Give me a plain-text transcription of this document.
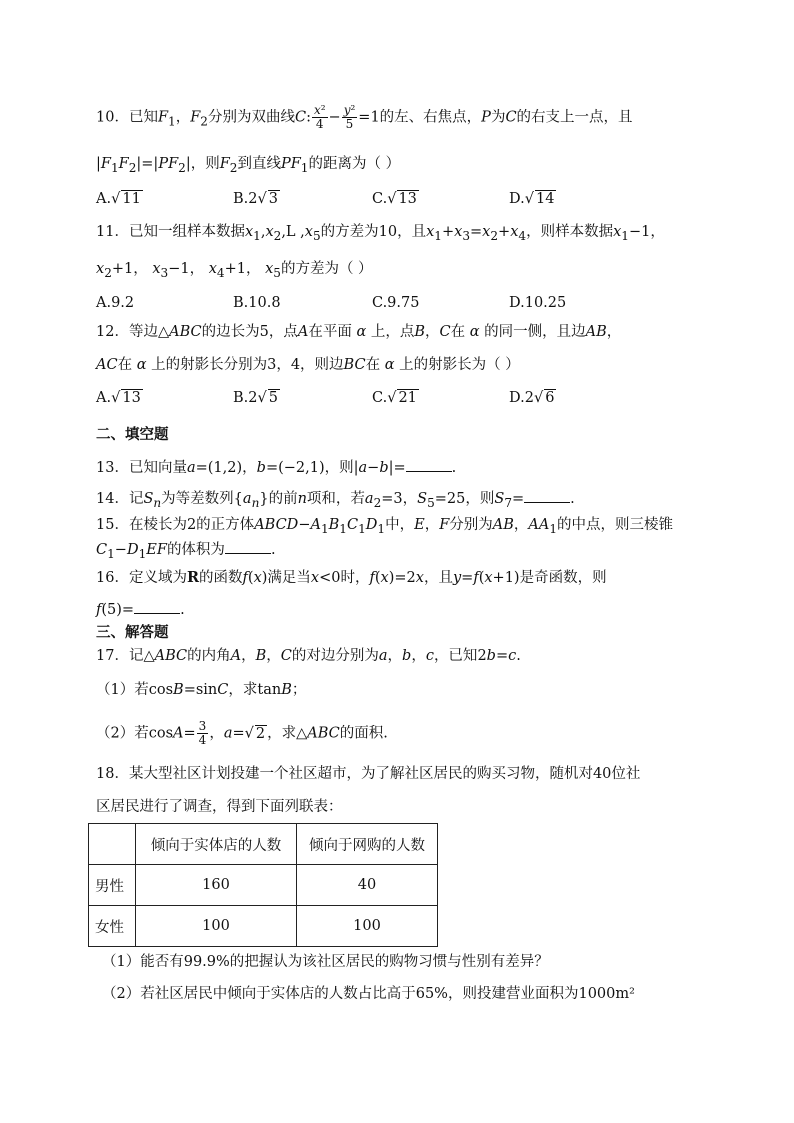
10．已知$F_1$，$F_2$分别为双曲线C: $\frac{\text{x²}}{4} - \frac{\text{y²}}{5} =1$的左、右焦点，P为C的右支上一点，且
$|F_1F_2|=|PF_2|$，则$F_2$到直线$PF_1$的距离为（ ）
A.√ 11	B.2√ 3	C.√ 13	D.√ 14
11．已知一组样本数据$x_1,x_2,L$ $,x_5$的方差为10，且$x_1+x_3=x_2+x_4$，则样本数据$x_1-1$，
$x_2+1$， $x_3-1$， $x_4+1$， $x_5$的方差为（ ）
A.9.2	B.10.8	C.9.75	D.10.25
12．等边△ABC的边长为5，点A在平面 α 上，点B，C在 α 的同一侧，且边AB，
AC在 α 上的射影长分别为3，4，则边BC在 α 上的射影长为（ ）
A.√ 13	B.2√ 5	C.√ 21	D.2√ 6
二、填空题
13．已知向量a=(1,2)，b=(−2,1)，则|a−b|=	.
14．记$S_n$为等差数列$\{a_n\}$的前n项和，若$a_2=3$，$S_5=25$，则$S_7=$	.
15．在棱长为2的正方体$ABCD-A_1B_1C_1D_1$中，E，F分别为AB，$AA_1$的中点，则三棱锥
$C_1-D_1EF$的体积为	.
16．定义域为R的函数f(x)满足当x<0时，f(x)=2x，且y=f(x+1)是奇函数，则
f(5)=	.
三、解答题
17．记△ABC的内角A，B，C的对边分别为a，b，c，已知2b=c.
（1）若cosB=sinC，求tanB；
（2）若$\cos A= \frac{3}{4}$ ，a=√ 2 ，求△ABC的面积.
18．某大型社区计划投建一个社区超市，为了解社区居民的购买习物，随机对40位社
区居民进行了调查，得到下面列联表：
	倾向于实体店的人数	倾向于网购的人数
男性	160	40
女性	100	100
（1）能否有99.9%的把握认为该社区居民的购物习惯与性别有差异？
（2）若社区居民中倾向于实体店的人数占比高于65%，则投建营业面积为1000m²
